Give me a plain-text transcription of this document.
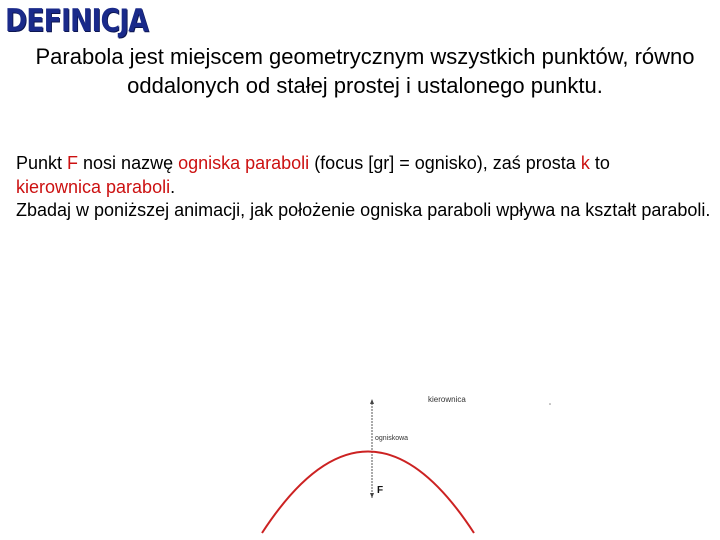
DEFINICJA
Parabola jest miejscem geometrycznym wszystkich punktów, równo oddalonych od stałej prostej i ustalonego punktu.
Punkt F nosi nazwę ogniska paraboli (focus [gr] = ognisko), zaś prosta k to
kierownica paraboli.
Zbadaj w poniższej animacji, jak położenie ogniska paraboli wpływa na kształt paraboli.
kierownica
ogniskowa
F
